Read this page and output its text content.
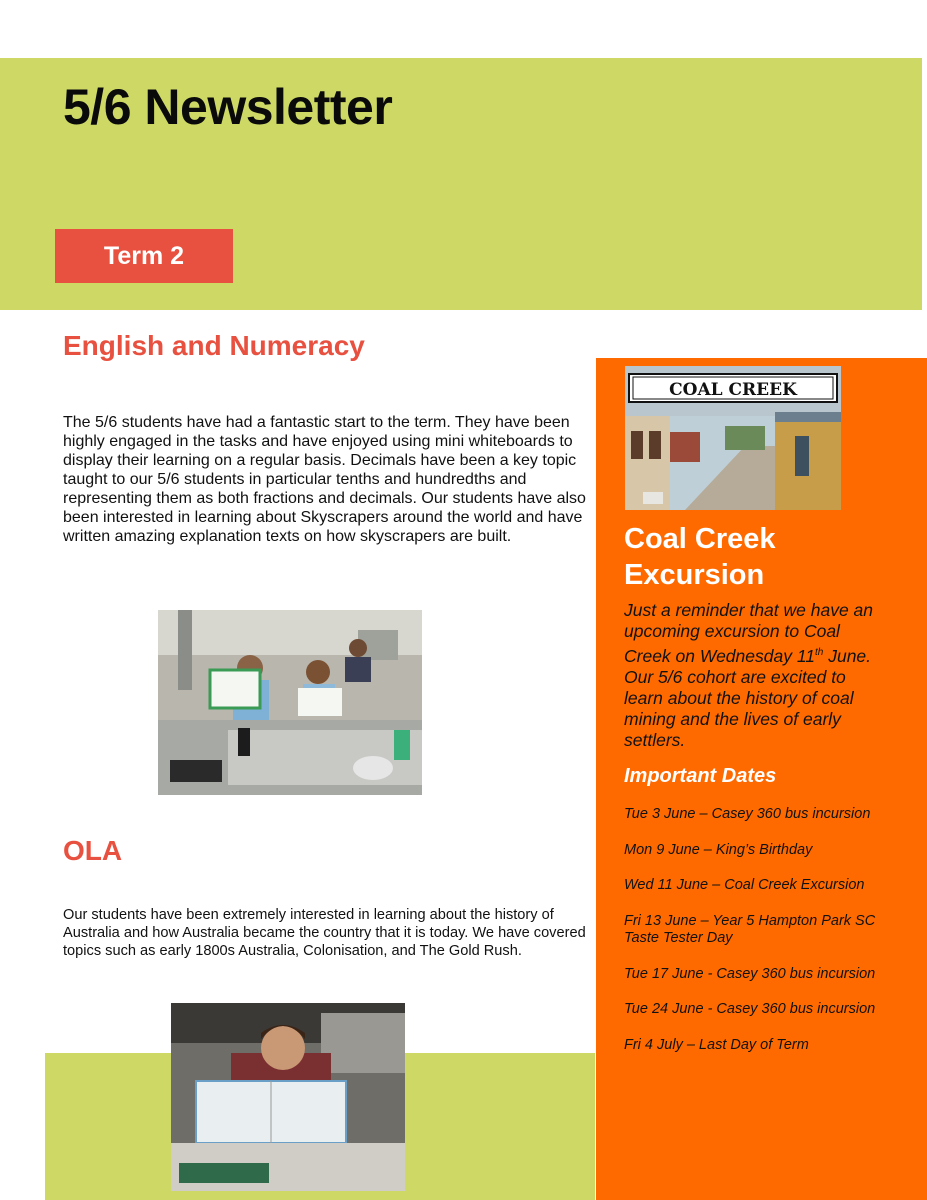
5/6 Newsletter
Term 2
English and Numeracy

The 5/6 students have had a fantastic start to the term. They have been highly engaged in the tasks and have enjoyed using mini whiteboards to display their learning on a regular basis. Decimals have been a key topic taught to our 5/6 students in particular tenths and hundredths and representing them as both fractions and decimals. Our students have also been interested in learning about Skyscrapers around the world and have written amazing explanation texts on how skyscrapers are built.

OLA

Our students have been extremely interested in learning about the history of Australia and how Australia became the country that it is today. We have covered topics such as early 1800s Australia, Colonisation, and The Gold Rush.

COAL CREEK
Coal Creek Excursion

Just a reminder that we have an upcoming excursion to Coal Creek on Wednesday 11th June. Our 5/6 cohort are excited to learn about the history of coal mining and the lives of early settlers.

Important Dates
Tue 3 June – Casey 360 bus incursion
Mon 9 June – King’s Birthday
Wed 11 June – Coal Creek Excursion
Fri 13 June – Year 5 Hampton Park SC Taste Tester Day
Tue 17 June - Casey 360 bus incursion
Tue 24 June - Casey 360 bus incursion
Fri 4 July – Last Day of Term
